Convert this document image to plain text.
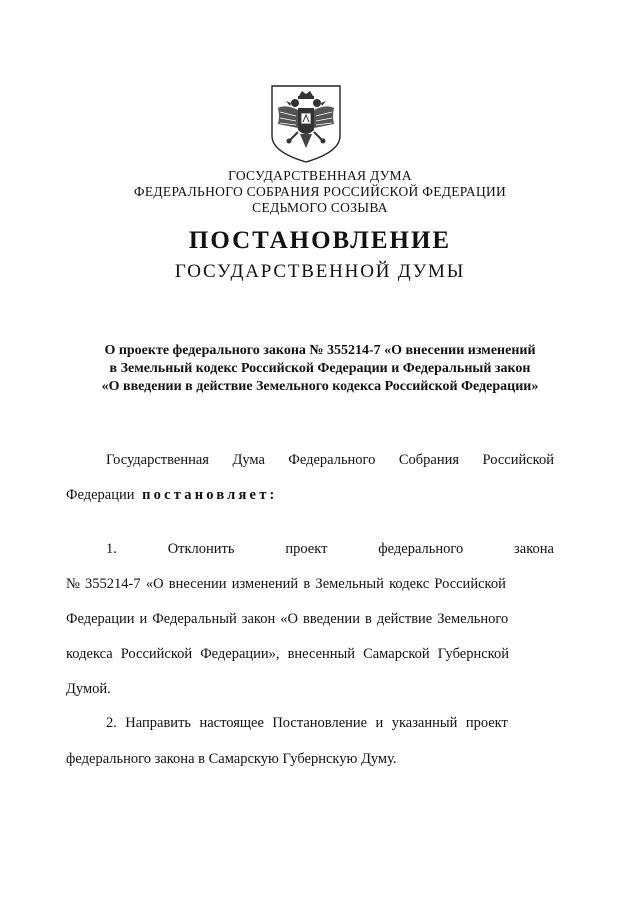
ГОСУДАРСТВЕННАЯ ДУМА
ФЕДЕРАЛЬНОГО СОБРАНИЯ РОССИЙСКОЙ ФЕДЕРАЦИИ
СЕДЬМОГО СОЗЫВА
ПОСТАНОВЛЕНИЕ
ГОСУДАРСТВЕННОЙ ДУМЫ
О проекте федерального закона № 355214-7 «О внесении изменений
в Земельный кодекс Российской Федерации и Федеральный закон
«О введении в действие Земельного кодекса Российской Федерации»
Государственная Дума Федерального Собрания Российской
Федерации постановляет:
1.	Отклонить	проект	федерального	закона
№ 355214-7 «О внесении изменений в Земельный кодекс Российской
Федерации и Федеральный закон «О введении в действие Земельного
кодекса Российской Федерации», внесенный Самарской Губернской
Думой.
2. Направить настоящее Постановление и указанный проект
федерального закона в Самарскую Губернскую Думу.
